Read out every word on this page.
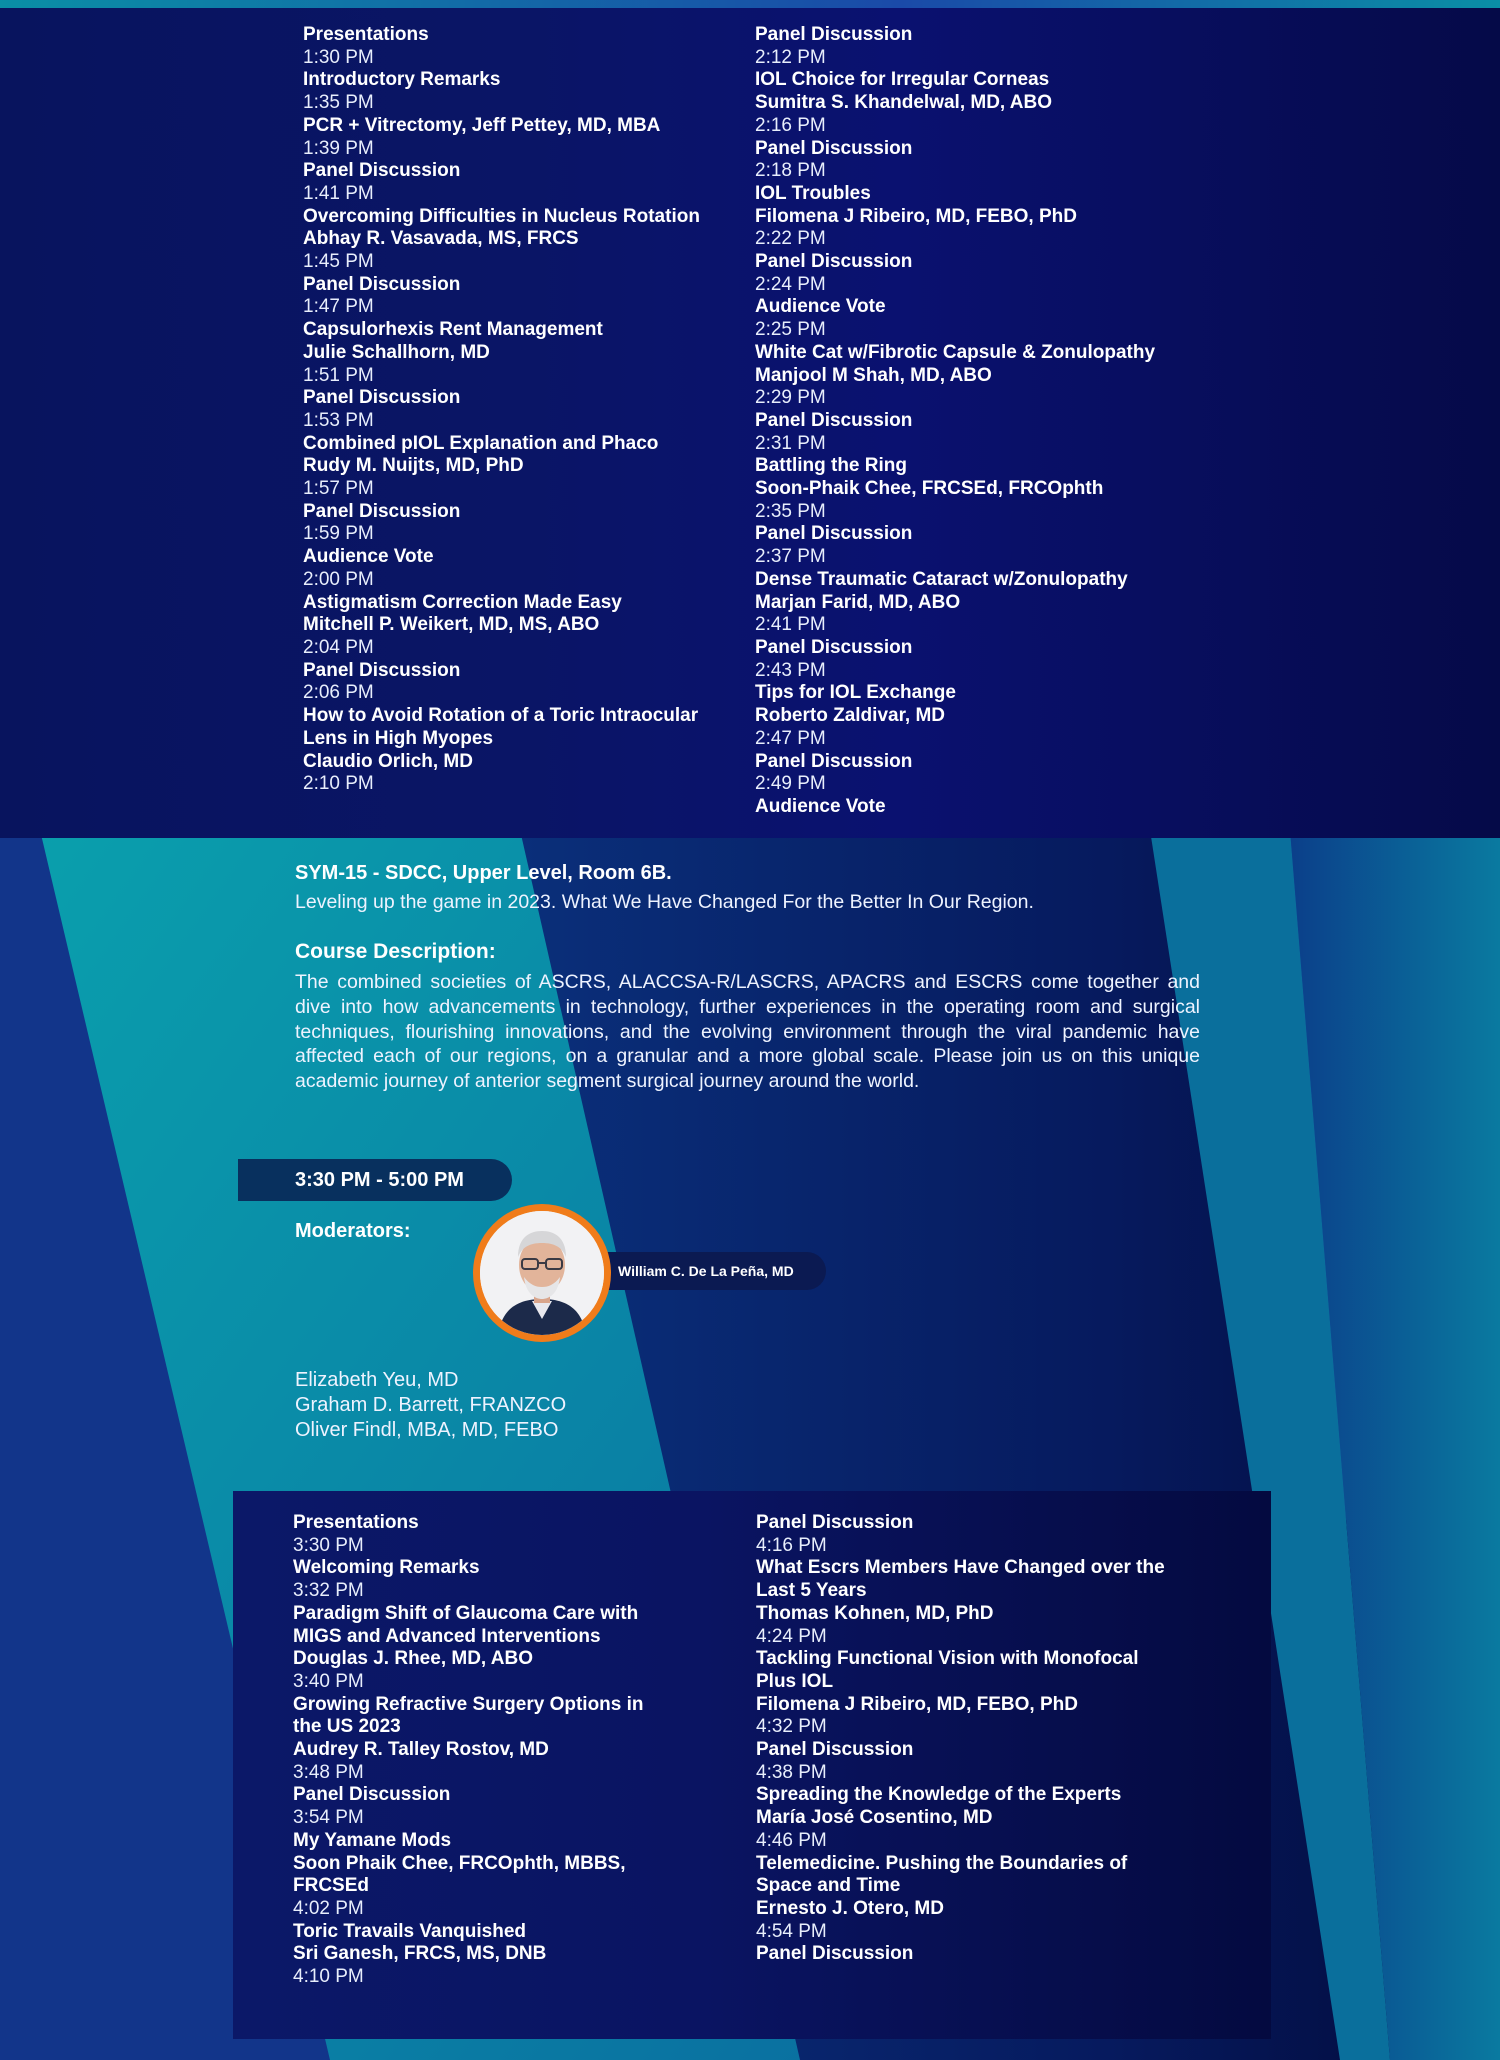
Presentations
1:30 PM
Introductory Remarks
1:35 PM
PCR + Vitrectomy, Jeff Pettey, MD, MBA
1:39 PM
Panel Discussion
1:41 PM
Overcoming Difficulties in Nucleus Rotation
Abhay R. Vasavada, MS, FRCS
1:45 PM
Panel Discussion
1:47 PM
Capsulorhexis Rent Management
Julie Schallhorn, MD
1:51 PM
Panel Discussion
1:53 PM
Combined pIOL Explanation and Phaco
Rudy M. Nuijts, MD, PhD
1:57 PM
Panel Discussion
1:59 PM
Audience Vote
2:00 PM
Astigmatism Correction Made Easy
Mitchell P. Weikert, MD, MS, ABO
2:04 PM
Panel Discussion
2:06 PM
How to Avoid Rotation of a Toric Intraocular Lens in High Myopes
Claudio Orlich, MD
2:10 PM
Panel Discussion
2:12 PM
IOL Choice for Irregular Corneas
Sumitra S. Khandelwal, MD, ABO
2:16 PM
Panel Discussion
2:18 PM
IOL Troubles
Filomena J Ribeiro, MD, FEBO, PhD
2:22 PM
Panel Discussion
2:24 PM
Audience Vote
2:25 PM
White Cat w/Fibrotic Capsule & Zonulopathy
Manjool M Shah, MD, ABO
2:29 PM
Panel Discussion
2:31 PM
Battling the Ring
Soon-Phaik Chee, FRCSEd, FRCOphth
2:35 PM
Panel Discussion
2:37 PM
Dense Traumatic Cataract w/Zonulopathy
Marjan Farid, MD, ABO
2:41 PM
Panel Discussion
2:43 PM
Tips for IOL Exchange
Roberto Zaldivar, MD
2:47 PM
Panel Discussion
2:49 PM
Audience Vote

SYM-15 - SDCC, Upper Level, Room 6B.

Leveling up the game in 2023. What We Have Changed For the Better In Our Region.

Course Description:

The combined societies of ASCRS, ALACCSA-R/LASCRS, APACRS and ESCRS come together and dive into how advancements in technology, further experiences in the operating room and surgical techniques, flourishing innovations, and the evolving environment through the viral pandemic have affected each of our regions, on a granular and a more global scale. Please join us on this unique academic journey of anterior segment surgical journey around the world.

3:30 PM - 5:00 PM
Moderators:
William C. De La Peña, MD
Elizabeth Yeu, MD
Graham D. Barrett, FRANZCO
Oliver Findl, MBA, MD, FEBO
Presentations
3:30 PM
Welcoming Remarks
3:32 PM
Paradigm Shift of Glaucoma Care with MIGS and Advanced Interventions
Douglas J. Rhee, MD, ABO
3:40 PM
Growing Refractive Surgery Options in the US 2023
Audrey R. Talley Rostov, MD
3:48 PM
Panel Discussion
3:54 PM
My Yamane Mods
Soon Phaik Chee, FRCOphth, MBBS, FRCSEd
4:02 PM
Toric Travails Vanquished
Sri Ganesh, FRCS, MS, DNB
4:10 PM
Panel Discussion
4:16 PM
What Escrs Members Have Changed over the Last 5 Years
Thomas Kohnen, MD, PhD
4:24 PM
Tackling Functional Vision with Monofocal Plus IOL
Filomena J Ribeiro, MD, FEBO, PhD
4:32 PM
Panel Discussion
4:38 PM
Spreading the Knowledge of the Experts
María José Cosentino, MD
4:46 PM
Telemedicine. Pushing the Boundaries of Space and Time
Ernesto J. Otero, MD
4:54 PM
Panel Discussion
